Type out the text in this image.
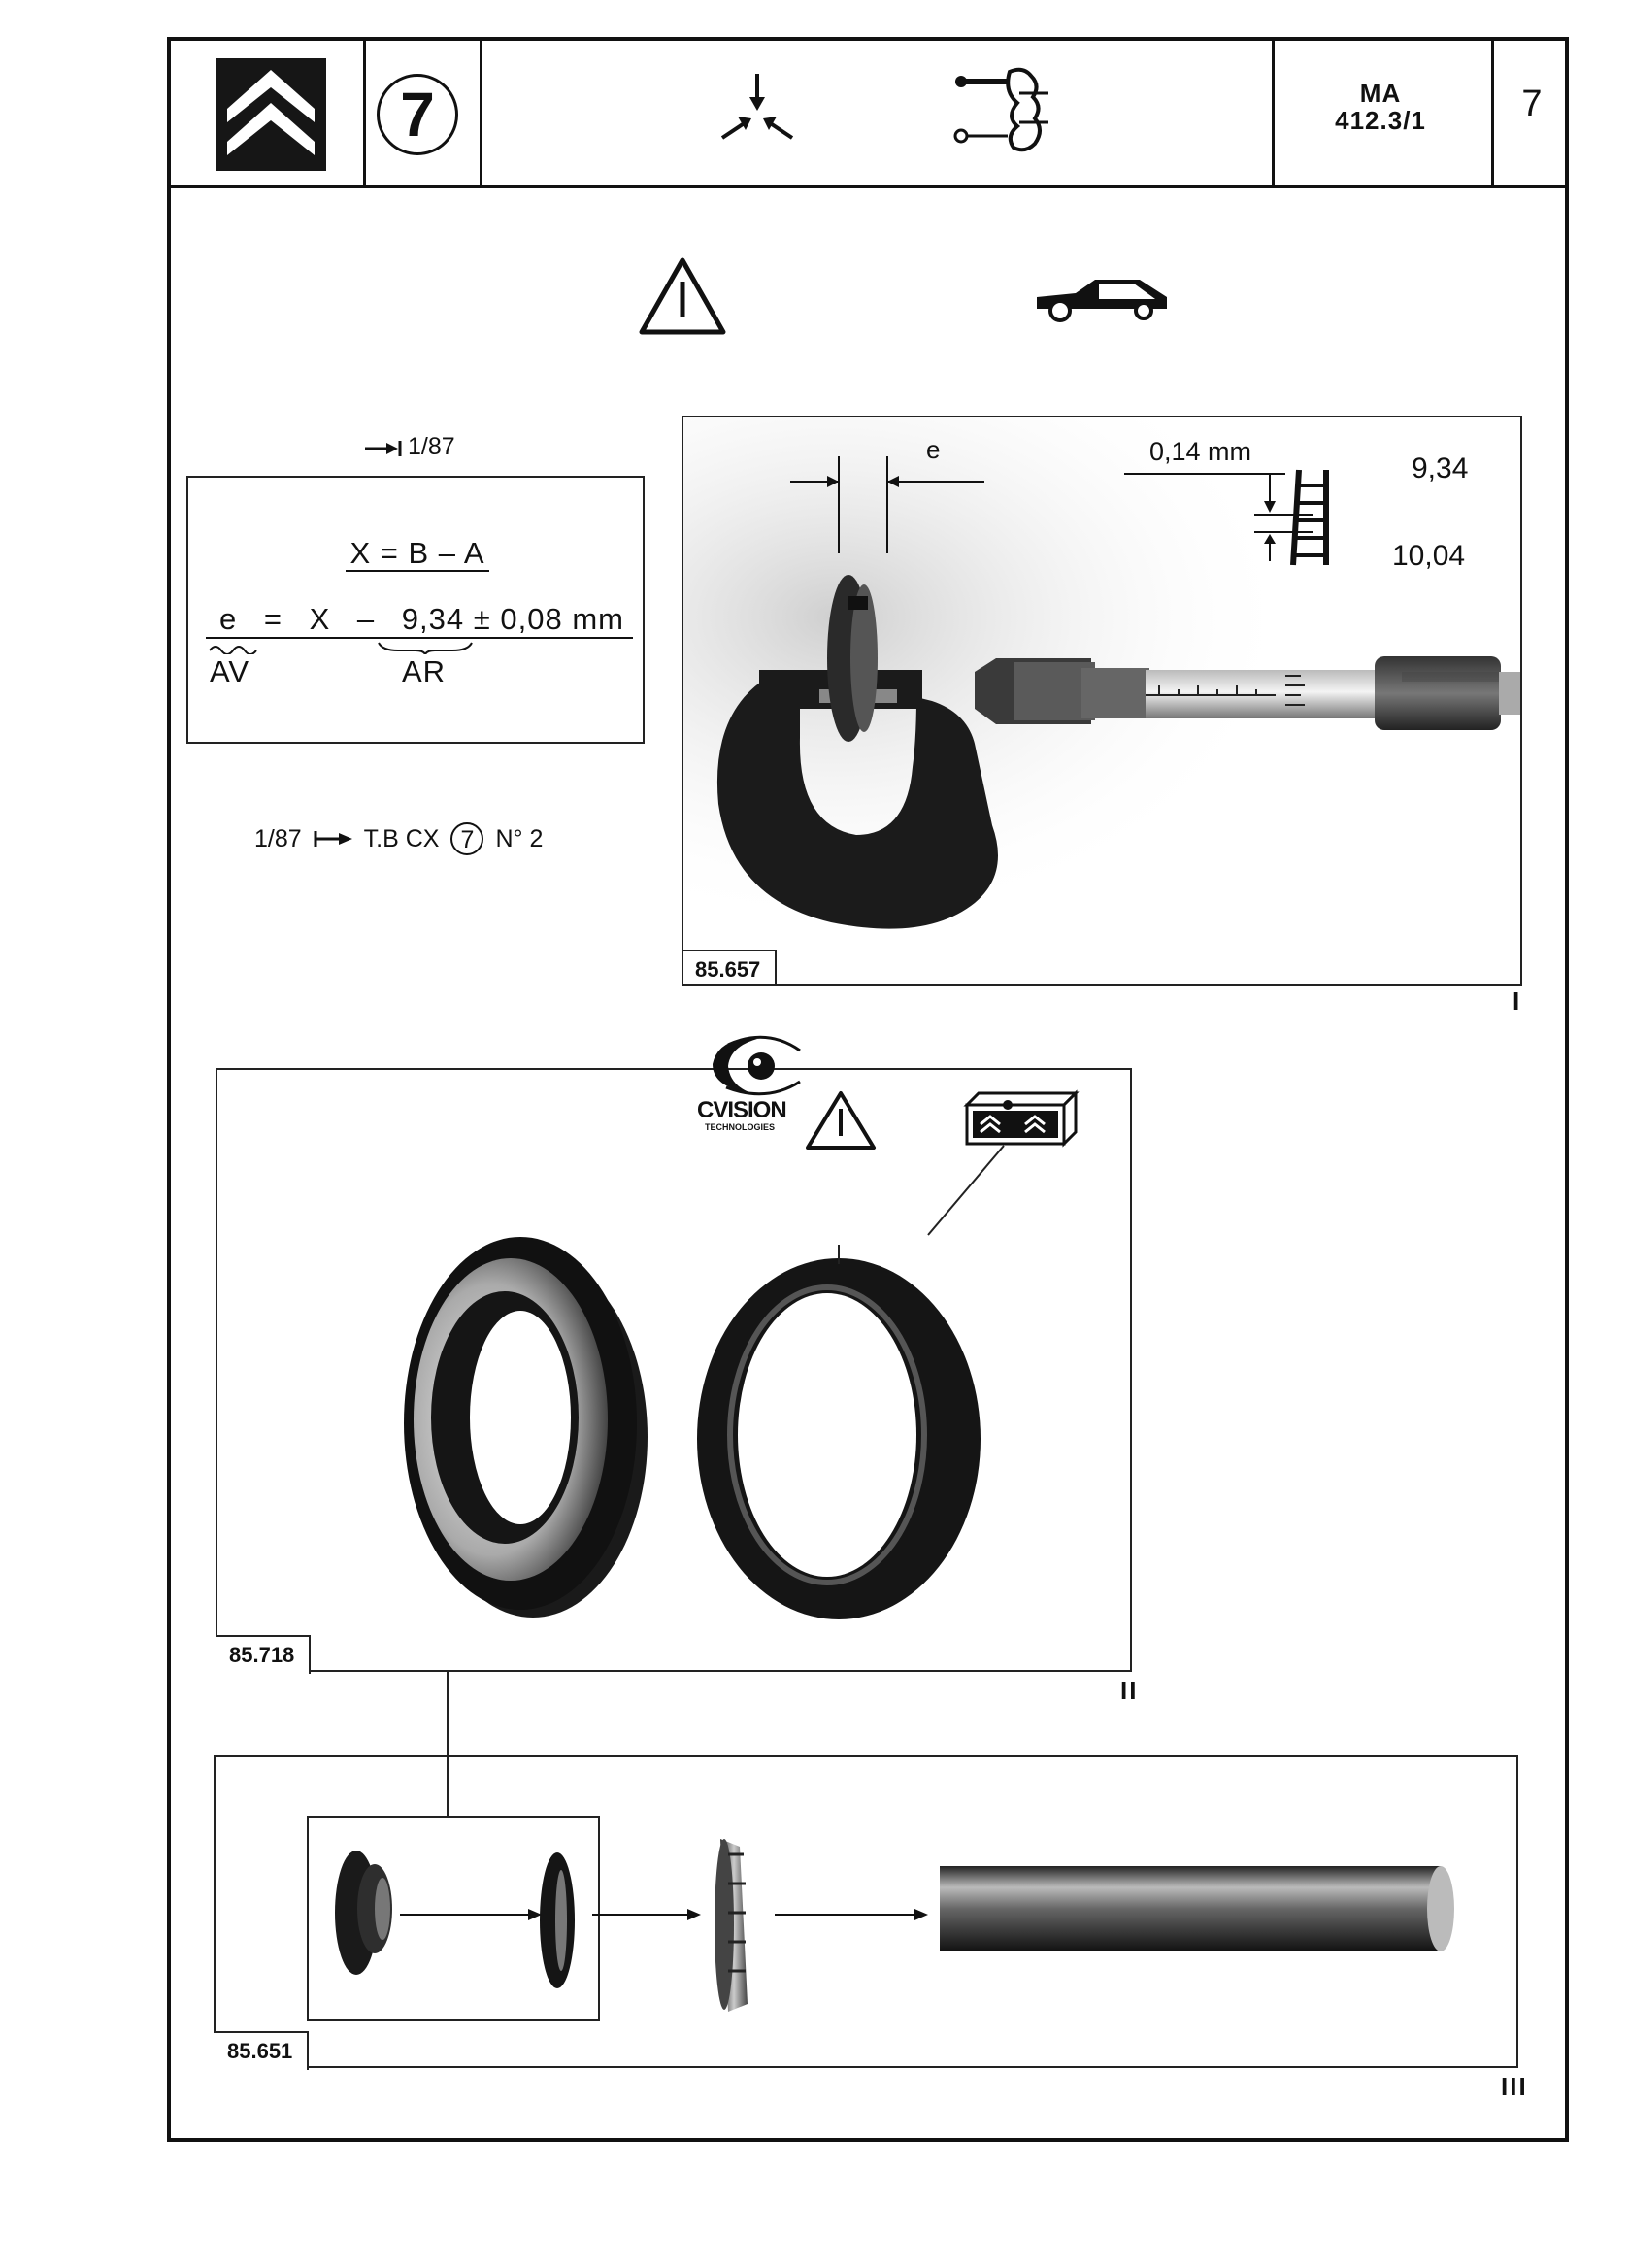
7	MA
412.3/1	7
1/87
X = B – A
e = X – 9,34 ± 0,08 mm
AV	AR
1/87	T.B CX 7 N° 2
e	0,14 mm
9,34
10,04
85.657
I
CVISION
TECHNOLOGIES
85.718
II
85.651
III
